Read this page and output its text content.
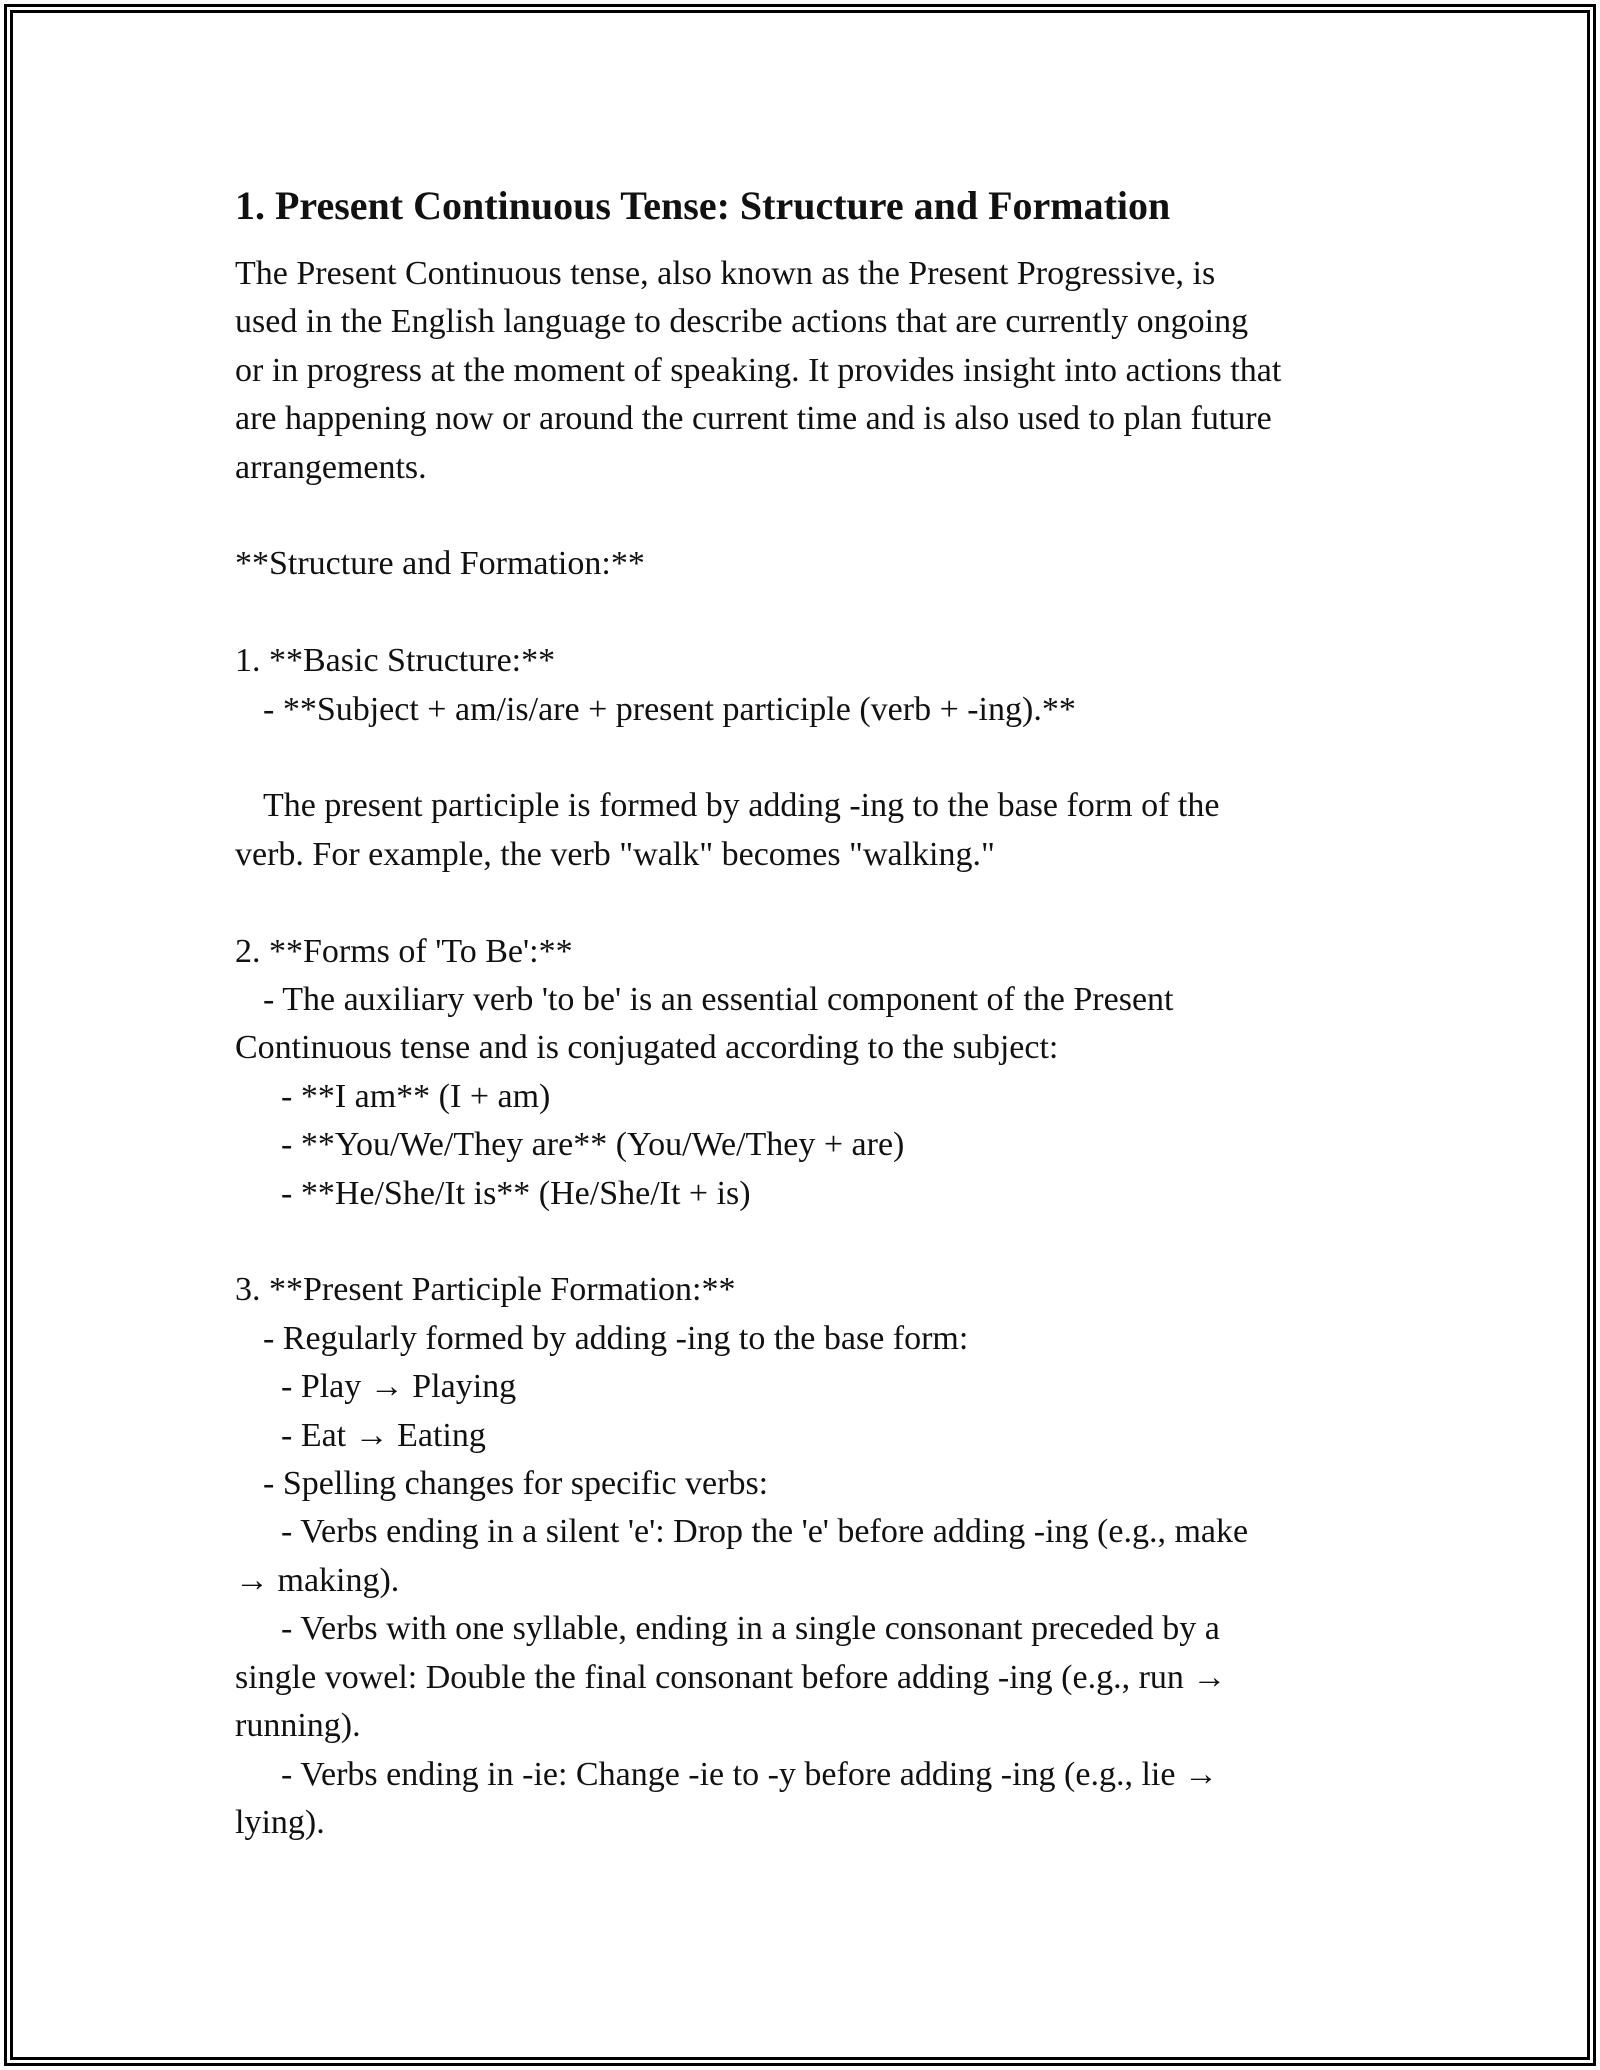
1. Present Continuous Tense: Structure and Formation

The Present Continuous tense, also known as the Present Progressive, is

used in the English language to describe actions that are currently ongoing

or in progress at the moment of speaking. It provides insight into actions that

are happening now or around the current time and is also used to plan future

arrangements.

**Structure and Formation:**

1. **Basic Structure:**

- **Subject + am/is/are + present participle (verb + -ing).**

The present participle is formed by adding -ing to the base form of the

verb. For example, the verb "walk" becomes "walking."

2. **Forms of 'To Be':**

- The auxiliary verb 'to be' is an essential component of the Present

Continuous tense and is conjugated according to the subject:

- **I am** (I + am)

- **You/We/They are** (You/We/They + are)

- **He/She/It is** (He/She/It + is)

3. **Present Participle Formation:**

- Regularly formed by adding -ing to the base form:

- Play → Playing

- Eat → Eating

- Spelling changes for specific verbs:

- Verbs ending in a silent 'e': Drop the 'e' before adding -ing (e.g., make

→ making).

- Verbs with one syllable, ending in a single consonant preceded by a

single vowel: Double the final consonant before adding -ing (e.g., run →

running).

- Verbs ending in -ie: Change -ie to -y before adding -ing (e.g., lie →

lying).
